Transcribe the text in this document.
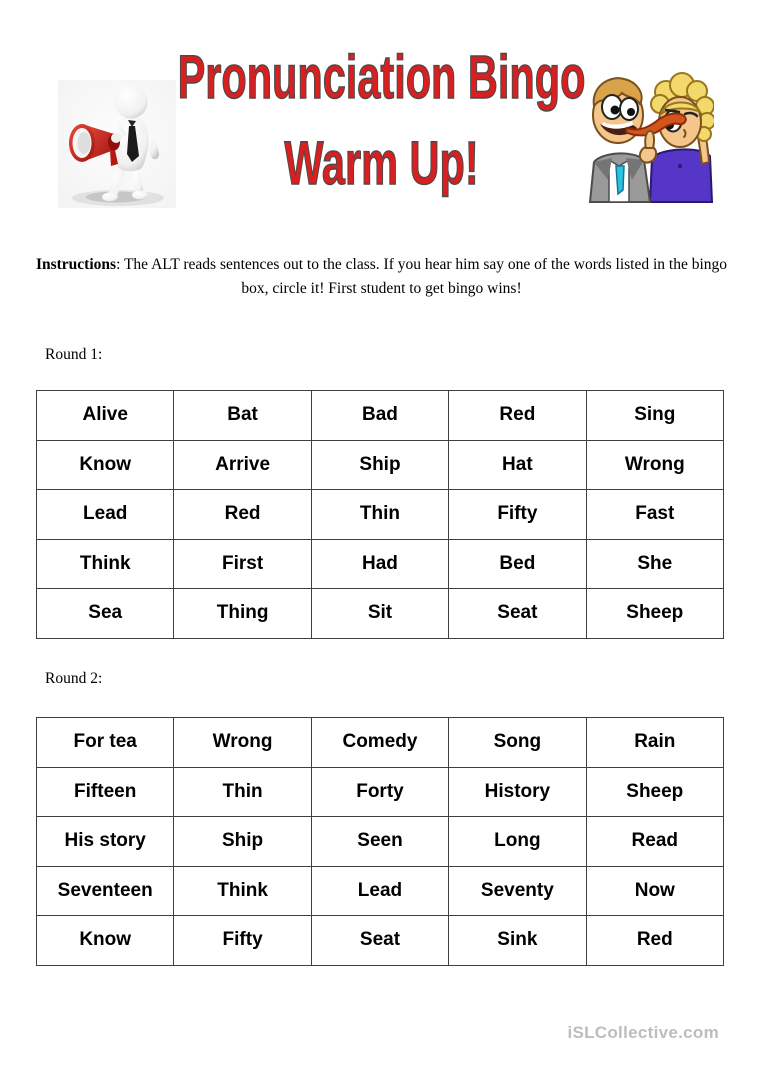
Pronunciation Bingo
Warm Up!

Instructions: The ALT reads sentences out to the class. If you hear him say one of the words listed in the bingo box, circle it! First student to get bingo wins!

Round 1:
Alive	Bat	Bad	Red	Sing
Know	Arrive	Ship	Hat	Wrong
Lead	Red	Thin	Fifty	Fast
Think	First	Had	Bed	She
Sea	Thing	Sit	Seat	Sheep
Round 2:
For tea	Wrong	Comedy	Song	Rain
Fifteen	Thin	Forty	History	Sheep
His story	Ship	Seen	Long	Read
Seventeen	Think	Lead	Seventy	Now
Know	Fifty	Seat	Sink	Red
iSLCollective.com
